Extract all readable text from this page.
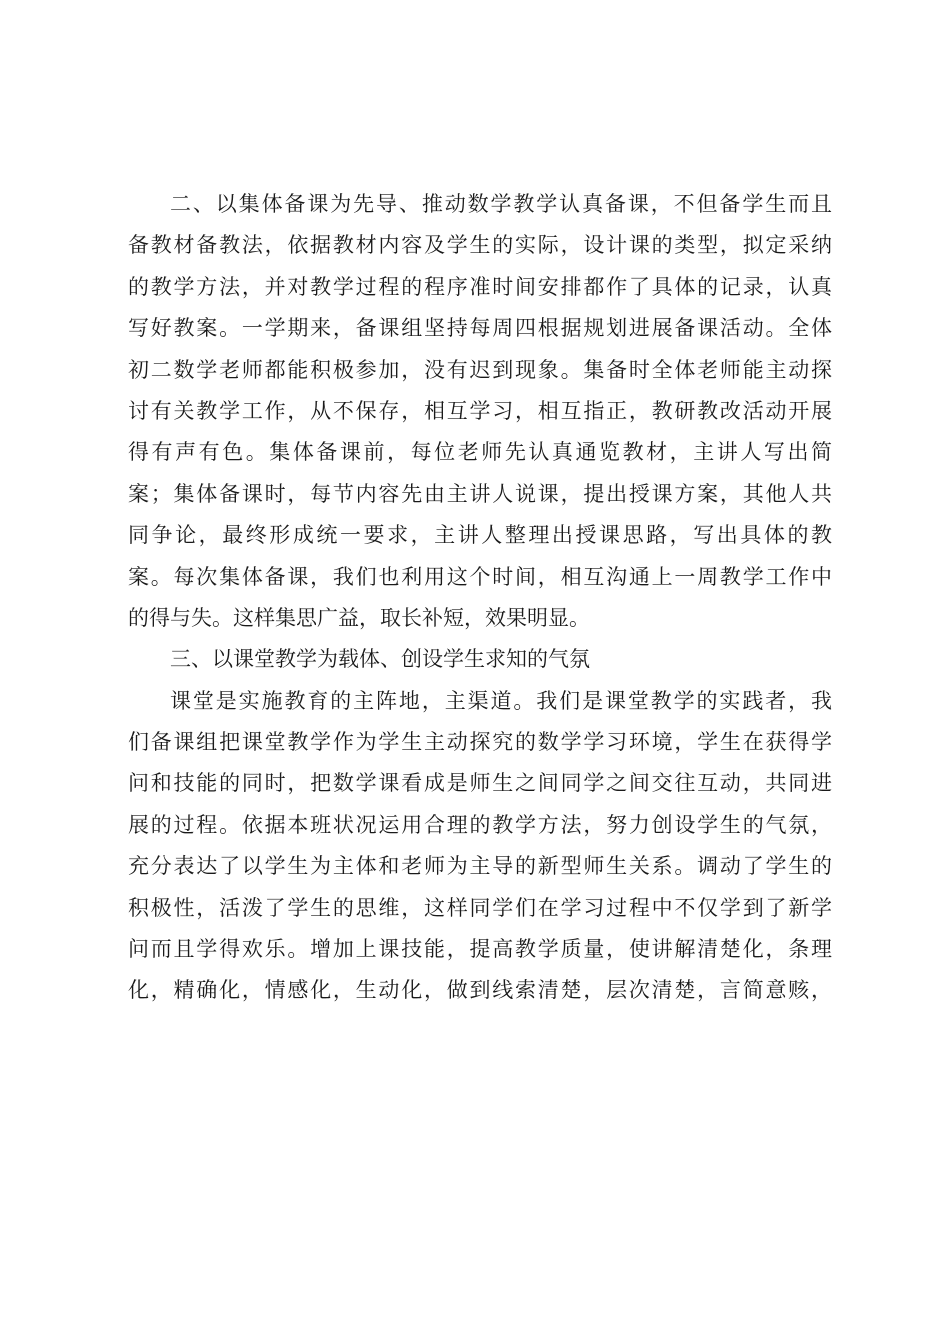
二、以集体备课为先导、推动数学教学认真备课，不但备学生而且
备教材备教法，依据教材内容及学生的实际，设计课的类型，拟定采纳
的教学方法，并对教学过程的程序准时间安排都作了具体的记录，认真
写好教案。一学期来，备课组坚持每周四根据规划进展备课活动。全体
初二数学老师都能积极参加，没有迟到现象。集备时全体老师能主动探
讨有关教学工作，从不保存，相互学习，相互指正，教研教改活动开展
得有声有色。集体备课前，每位老师先认真通览教材，主讲人写出简
案；集体备课时，每节内容先由主讲人说课，提出授课方案，其他人共
同争论，最终形成统一要求，主讲人整理出授课思路，写出具体的教
案。每次集体备课，我们也利用这个时间，相互沟通上一周教学工作中
的得与失。这样集思广益，取长补短，效果明显。
三、以课堂教学为载体、创设学生求知的气氛
课堂是实施教育的主阵地，主渠道。我们是课堂教学的实践者，我
们备课组把课堂教学作为学生主动探究的数学学习环境，学生在获得学
问和技能的同时，把数学课看成是师生之间同学之间交往互动，共同进
展的过程。依据本班状况运用合理的教学方法，努力创设学生的气氛，
充分表达了以学生为主体和老师为主导的新型师生关系。调动了学生的
积极性，活泼了学生的思维，这样同学们在学习过程中不仅学到了新学
问而且学得欢乐。增加上课技能，提高教学质量，使讲解清楚化，条理
化，精确化，情感化，生动化，做到线索清楚，层次清楚，言简意赅，
